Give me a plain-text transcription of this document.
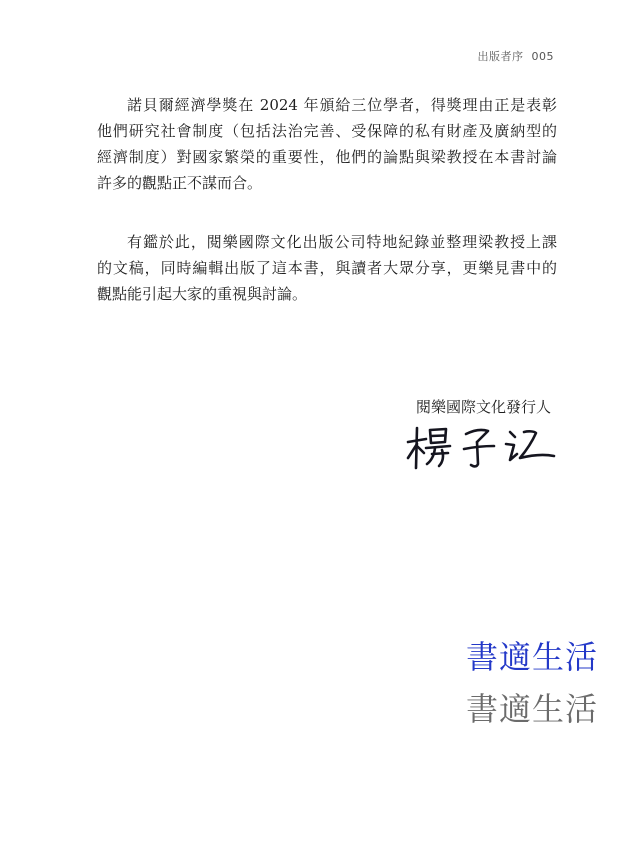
出版者序 005

諾貝爾經濟學獎在 2024 年頒給三位學者，得獎理由正是表彰
他們研究社會制度（包括法治完善、受保障的私有財產及廣納型的
經濟制度）對國家繁榮的重要性，他們的論點與梁教授在本書討論
許多的觀點正不謀而合。

有鑑於此，閱樂國際文化出版公司特地紀錄並整理梁教授上課
的文稿，同時編輯出版了這本書，與讀者大眾分享，更樂見書中的
觀點能引起大家的重視與討論。

閱樂國際文化發行人
書適生活
書適生活
